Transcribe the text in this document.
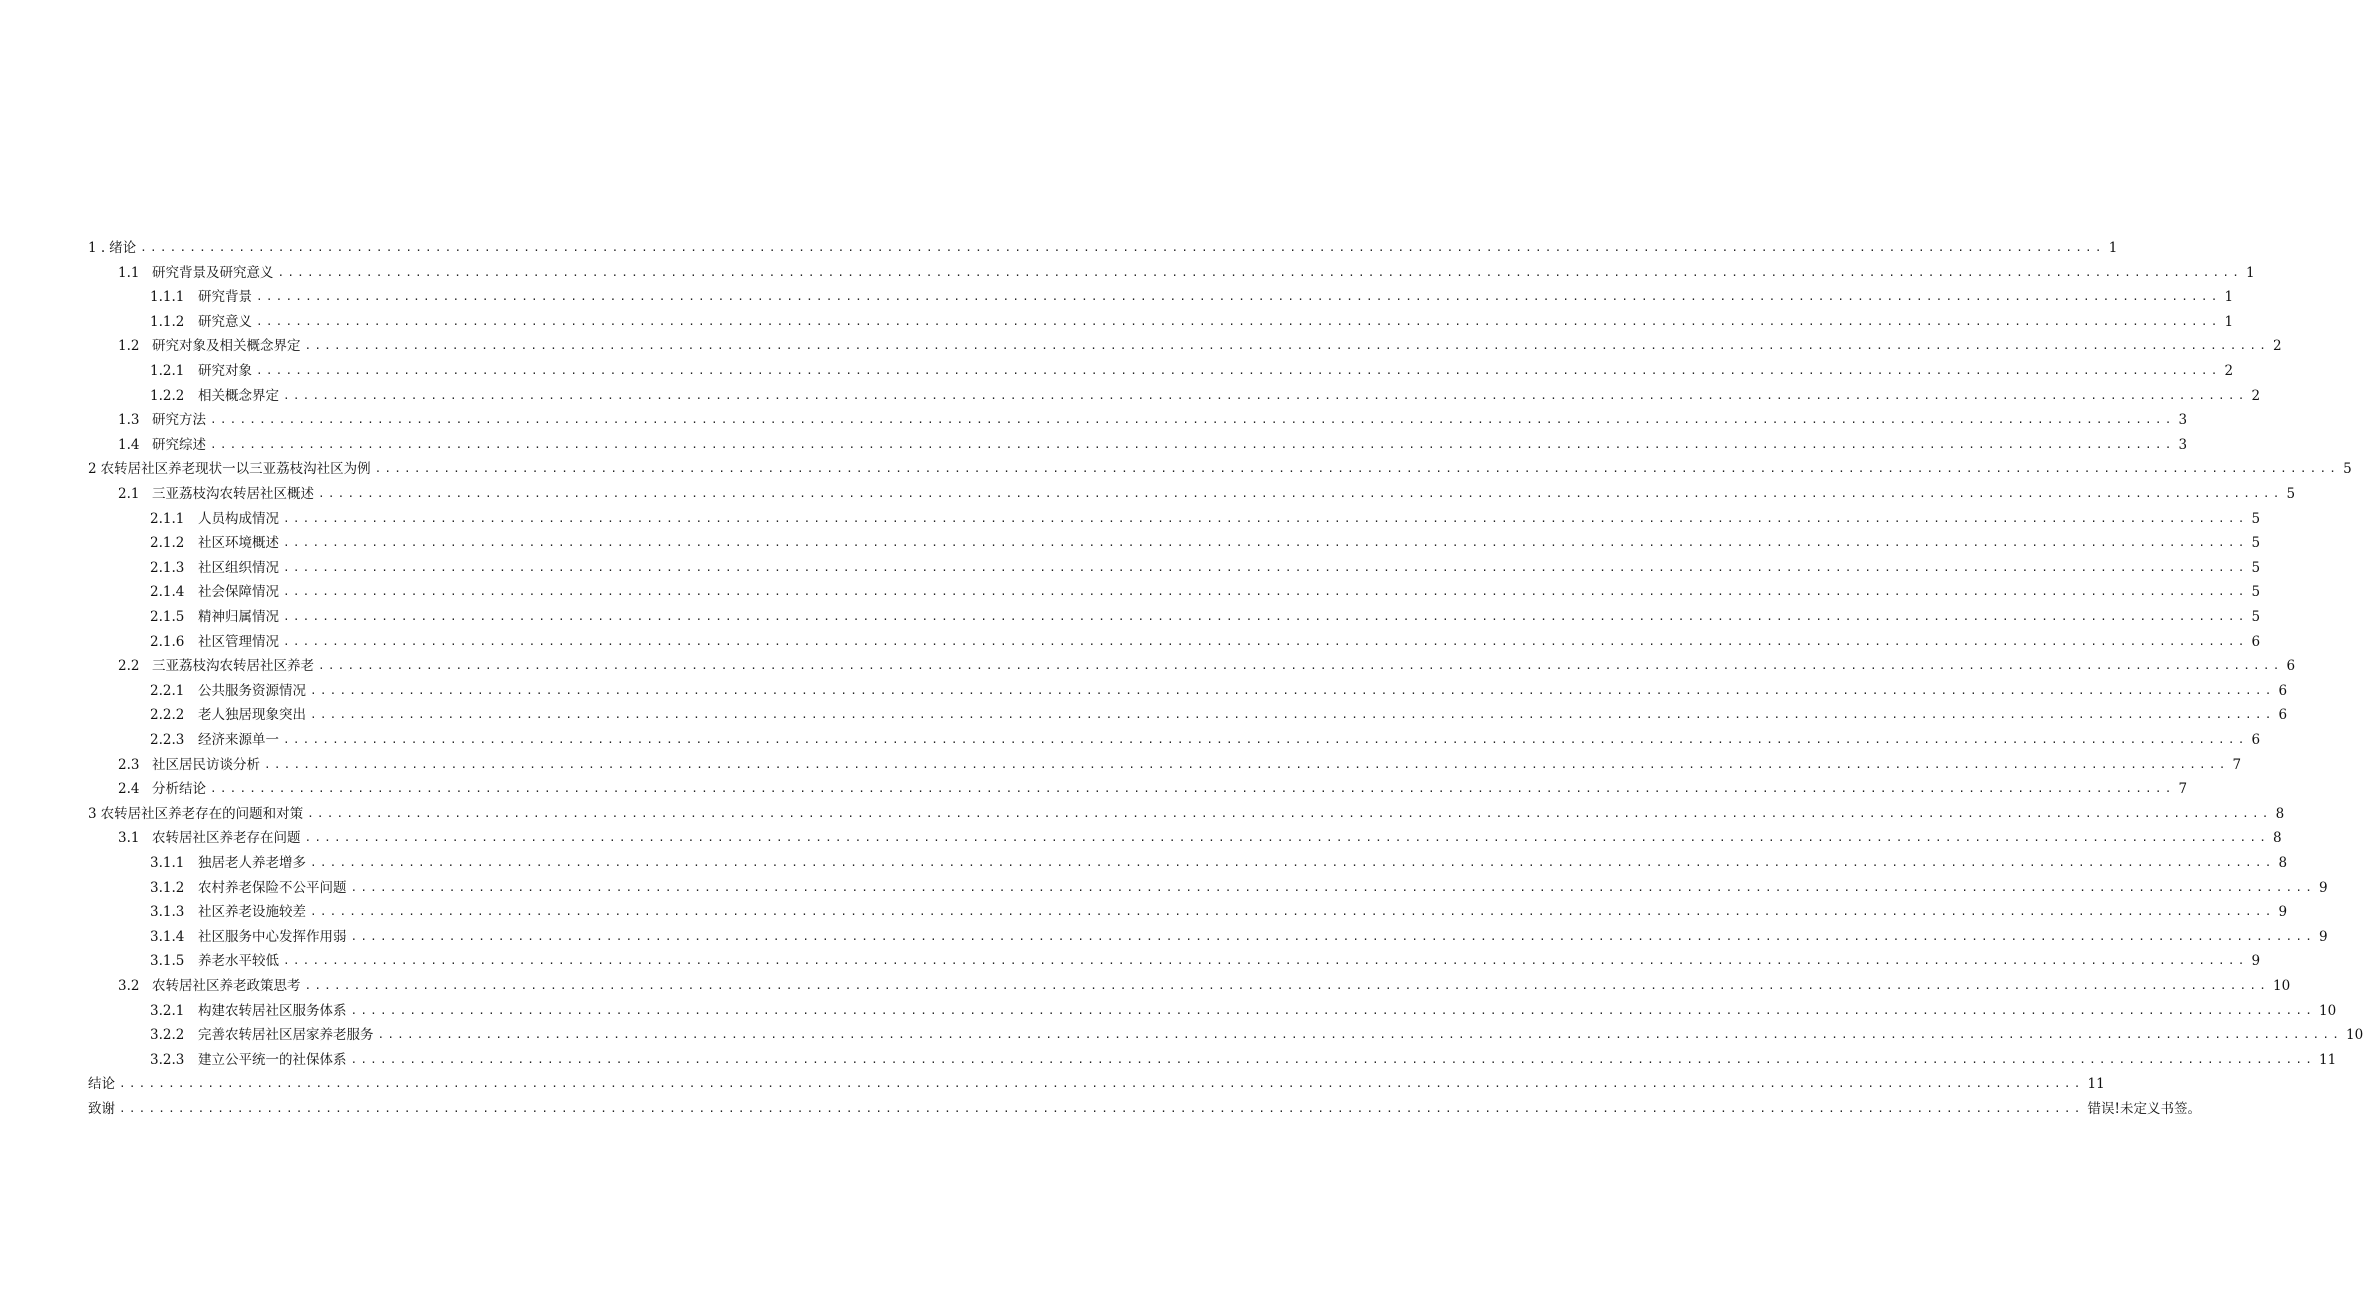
1 . 绪论 ........................................................................................................................................................................................................ 1
1.1 研究背景及研究意义 ........................................................................................................................................................................................................ 1
1.1.1	研究背景 ........................................................................................................................................................................................................ 1
1.1.2	研究意义 ........................................................................................................................................................................................................ 1
1.2 研究对象及相关概念界定 ........................................................................................................................................................................................................ 2
1.2.1	研究对象 ........................................................................................................................................................................................................ 2
1.2.2	相关概念界定 ........................................................................................................................................................................................................ 2
1.3 研究方法 ........................................................................................................................................................................................................ 3
1.4 研究综述 ........................................................................................................................................................................................................ 3
2 农转居社区养老现状一以三亚荔枝沟社区为例 ........................................................................................................................................................................................................ 5
2.1 三亚荔枝沟农转居社区概述 ........................................................................................................................................................................................................ 5
2.1.1	人员构成情况 ........................................................................................................................................................................................................ 5
2.1.2	社区环境概述 ........................................................................................................................................................................................................ 5
2.1.3	社区组织情况 ........................................................................................................................................................................................................ 5
2.1.4	社会保障情况 ........................................................................................................................................................................................................ 5
2.1.5	精神归属情况 ........................................................................................................................................................................................................ 5
2.1.6	社区管理情况 ........................................................................................................................................................................................................ 6
2.2 三亚荔枝沟农转居社区养老 ........................................................................................................................................................................................................ 6
2.2.1	公共服务资源情况 ........................................................................................................................................................................................................ 6
2.2.2	老人独居现象突出 ........................................................................................................................................................................................................ 6
2.2.3	经济来源单一 ........................................................................................................................................................................................................ 6
2.3 社区居民访谈分析 ........................................................................................................................................................................................................ 7
2.4 分析结论 ........................................................................................................................................................................................................ 7
3 农转居社区养老存在的问题和对策 ........................................................................................................................................................................................................ 8
3.1 农转居社区养老存在问题 ........................................................................................................................................................................................................ 8
3.1.1	独居老人养老增多 ........................................................................................................................................................................................................ 8
3.1.2	农村养老保险不公平问题 ........................................................................................................................................................................................................ 9
3.1.3	社区养老设施较差 ........................................................................................................................................................................................................ 9
3.1.4	社区服务中心发挥作用弱 ........................................................................................................................................................................................................ 9
3.1.5	养老水平较低 ........................................................................................................................................................................................................ 9
3.2 农转居社区养老政策思考 ........................................................................................................................................................................................................ 10
3.2.1	构建农转居社区服务体系 ........................................................................................................................................................................................................ 10
3.2.2	完善农转居社区居家养老服务 ........................................................................................................................................................................................................ 10
3.2.3	建立公平统一的社保体系 ........................................................................................................................................................................................................ 11
结论 ........................................................................................................................................................................................................ 11
致谢 ........................................................................................................................................................................................................ 错误!未定义书签。
